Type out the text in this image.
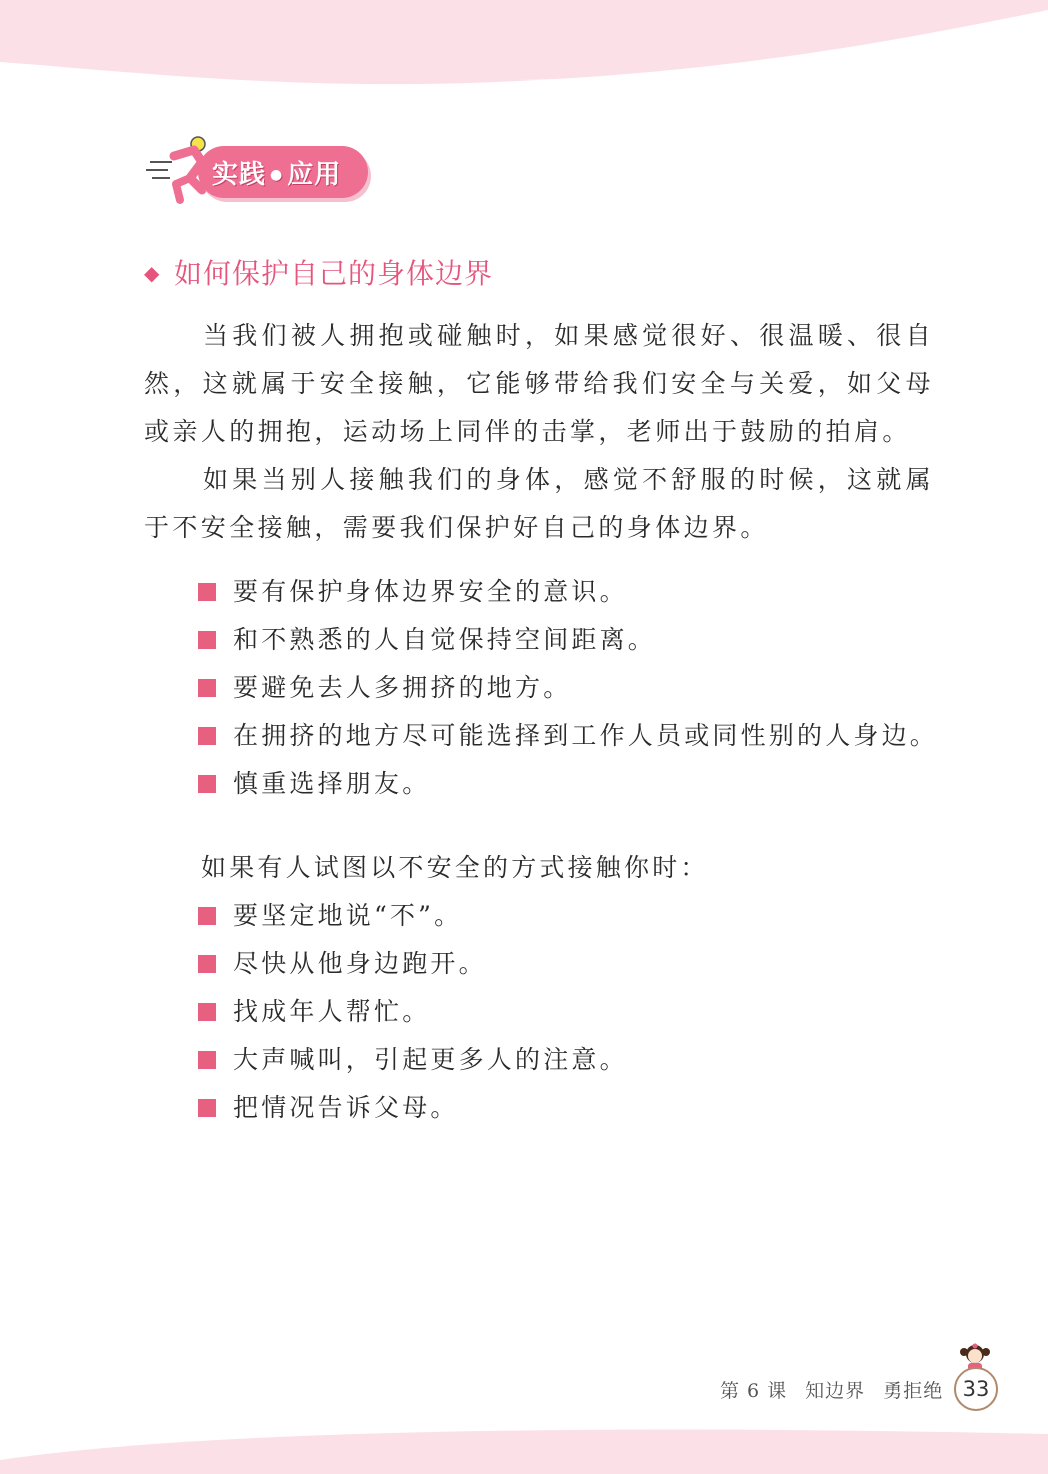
实践 ● 应用
◆ 如何保护自己的身体边界

当我们被人拥抱或碰触时，如果感觉很好、很温暖、很自然，这就属于安全接触，它能够带给我们安全与关爱，如父母或亲人的拥抱，运动场上同伴的击掌，老师出于鼓励的拍肩。

如果当别人接触我们的身体，感觉不舒服的时候，这就属于不安全接触，需要我们保护好自己的身体边界。

要有保护身体边界安全的意识。
和不熟悉的人自觉保持空间距离。
要避免去人多拥挤的地方。
在拥挤的地方尽可能选择到工作人员或同性别的人身边。
慎重选择朋友。

如果有人试图以不安全的方式接触你时：

要坚定地说“不”。
尽快从他身边跑开。
找成年人帮忙。
大声喊叫，引起更多人的注意。
把情况告诉父母。
第 6 课 知边界 勇拒绝 33
